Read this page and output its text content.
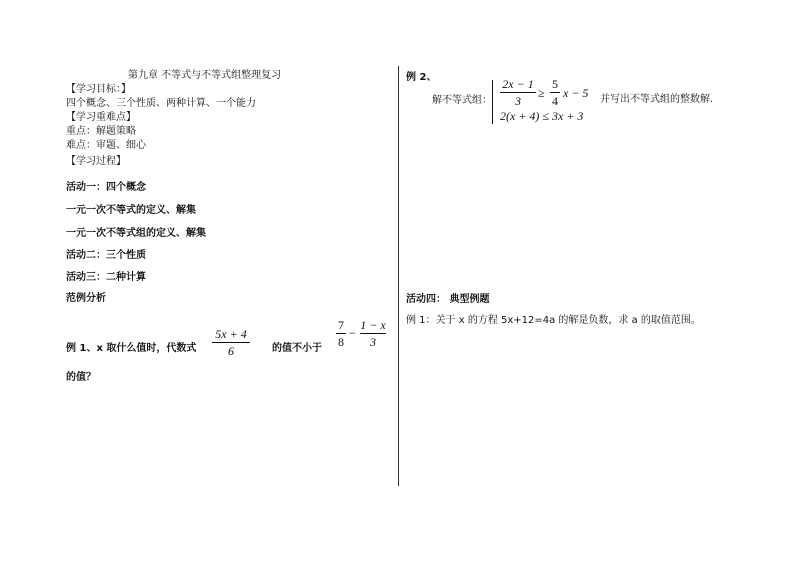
第九章 不等式与不等式组整理复习
【学习目标：】
四个概念、三个性质、两种计算、一个能力
【学习重难点】
重点：解题策略
难点：审题、细心
【学习过程】
活动一：四个概念
一元一次不等式的定义、解集
一元一次不等式组的定义、解集
活动二：三个性质
活动三：二种计算
范例分析
例 1、x 取什么值时，代数式
5x + 4
6	的值不小于
7
8
−
1 − x
3
的值？
例 2、
解不等式组：
2x − 1
3
≥
5
4
x − 5
2(x + 4) ≤ 3x + 3
并写出不等式组的整数解.
活动四： 典型例题
例 1：关于 x 的方程 5x+12=4a 的解是负数，求 a 的取值范围。
